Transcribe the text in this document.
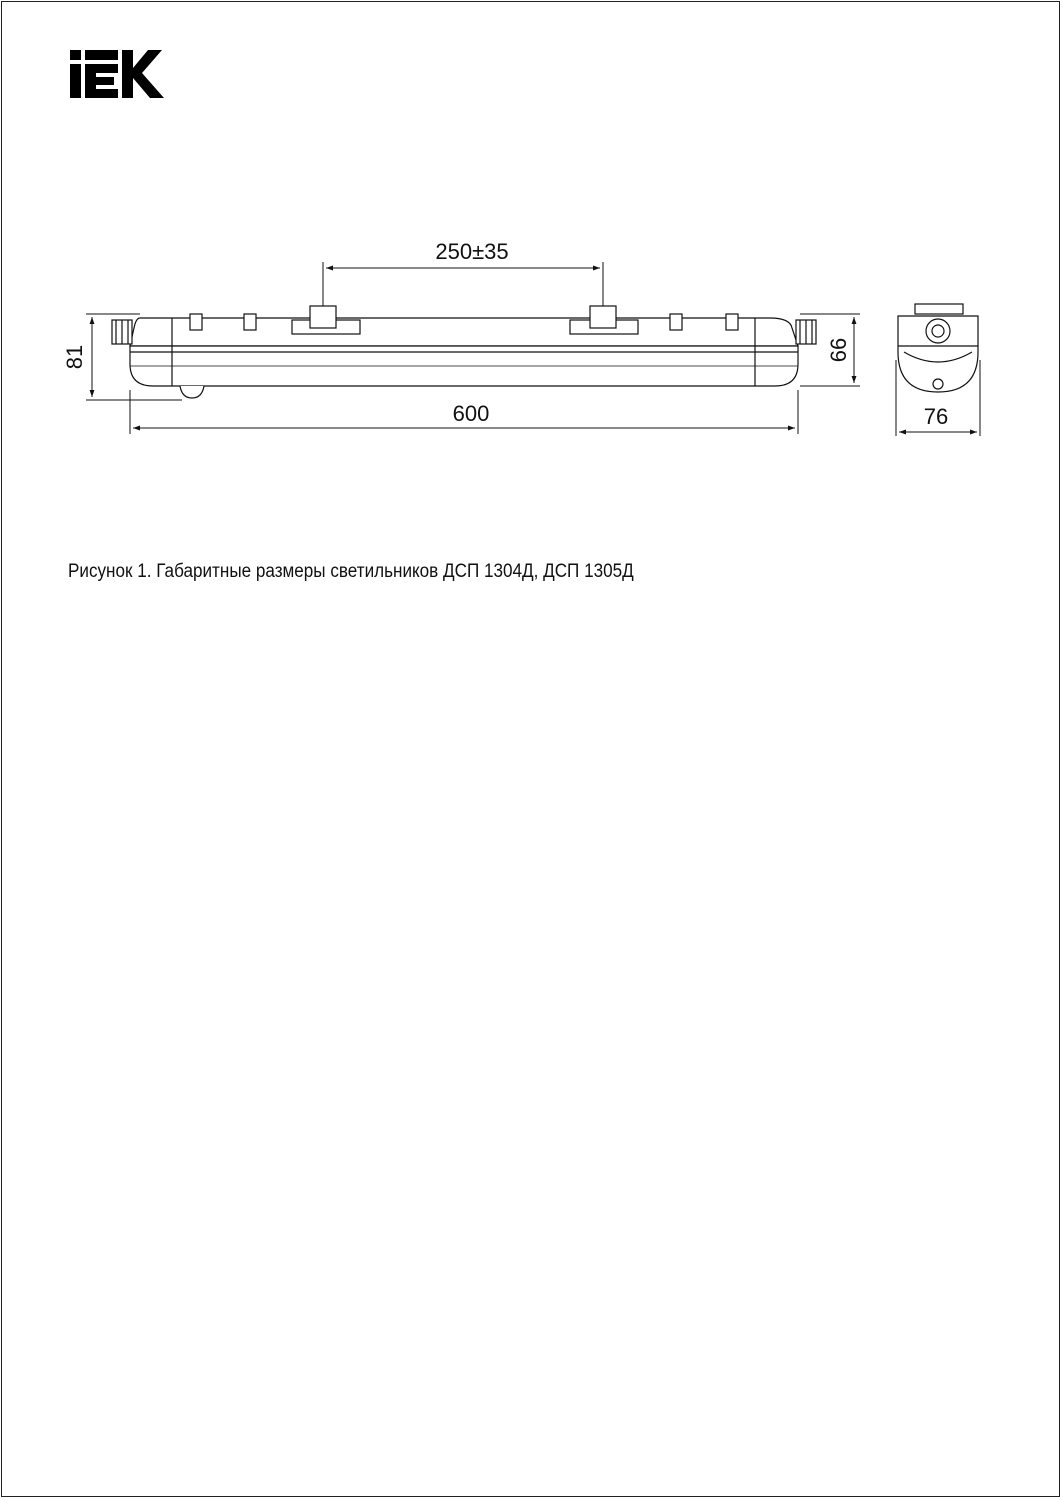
250±35
600
81	66
76
Рисунок 1. Габаритные размеры светильников ДСП 1304Д, ДСП 1305Д
